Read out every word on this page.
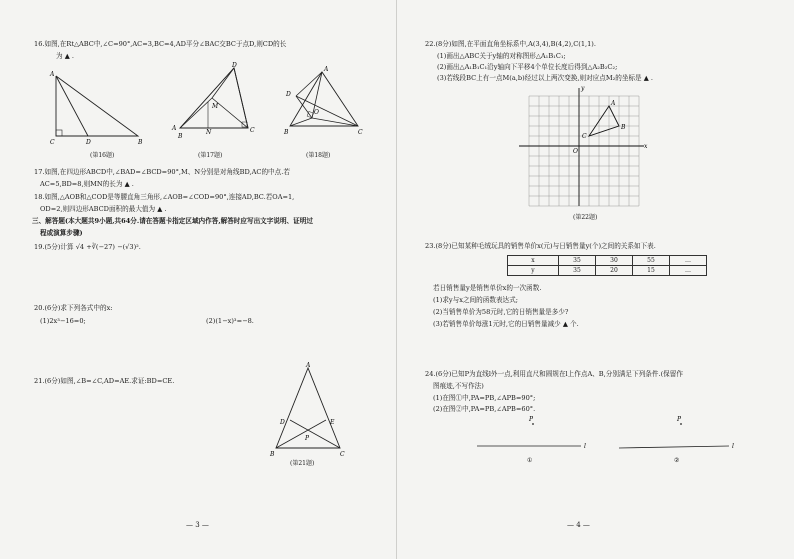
16.如图,在Rt△ABC中,∠C=90°,AC=3,BC=4,AD平分∠BAC交BC于点D,则CD的长
为 ▲ .
A
C	D	B
(第16题)
D
M
A
N
B
C
(第17题)
A
D
O
B	C
(第18题)
17.如图,在四边形ABCD中,∠BAD=∠BCD=90°,M、N分别是对角线BD,AC的中点.若
AC=5,BD=8,则MN的长为 ▲ .
18.如图,△AOB和△COD是等腰直角三角形,∠AOB=∠COD=90°,连接AD,BC.若OA=1,
OD=2,则四边形ABCD面积的最大值为 ▲ .
三、解答题(本大题共9小题,共64分.请在答题卡指定区域内作答,解答时应写出文字说明、证明过
程或演算步骤)
19.(5分)计算 √4 +∛(−27) −(√3)².
20.(6分)求下列各式中的x:
(1)2x³−16=0;	(2)(1−x)³=−8.
21.(6分)如图,∠B=∠C,AD=AE.求证:BD=CE.
A
D	E
P
B	C
(第21题)
— 3 —
22.(8分)如图,在平面直角坐标系中,A(3,4),B(4,2),C(1,1).
(1)画出△ABC关于y轴的对称图形△A₁B₁C₁;
(2)画出△A₁B₁C₁沿y轴向下平移4个单位长度后得到△A₂B₂C₂;
(3)若线段BC上有一点M(a,b)经过以上两次变换,则对应点M₂的坐标是 ▲ .
A
B
C
x
y
O
(第22题)
23.(8分)已知某种毛绒玩具的销售单价x(元)与日销售量y(个)之间的关系如下表.
x	35	30	55	…
y	35	20	15	…
若日销售量y是销售单价x的一次函数.
(1)求y与x之间的函数表达式;
(2)当销售单价为58元时,它的日销售量是多少?
(3)若销售单价每涨1元时,它的日销售量减少 ▲ 个.
24.(6分)已知P为直线l外一点,利用直尺和圆规在l上作点A、B,分别满足下列条件.(保留作
图痕迹,不写作法)
(1)在图①中,PA=PB,∠APB=90°;
(2)在图②中,PA=PB,∠APB=60°.
P
l
①
P
l
②
— 4 —
